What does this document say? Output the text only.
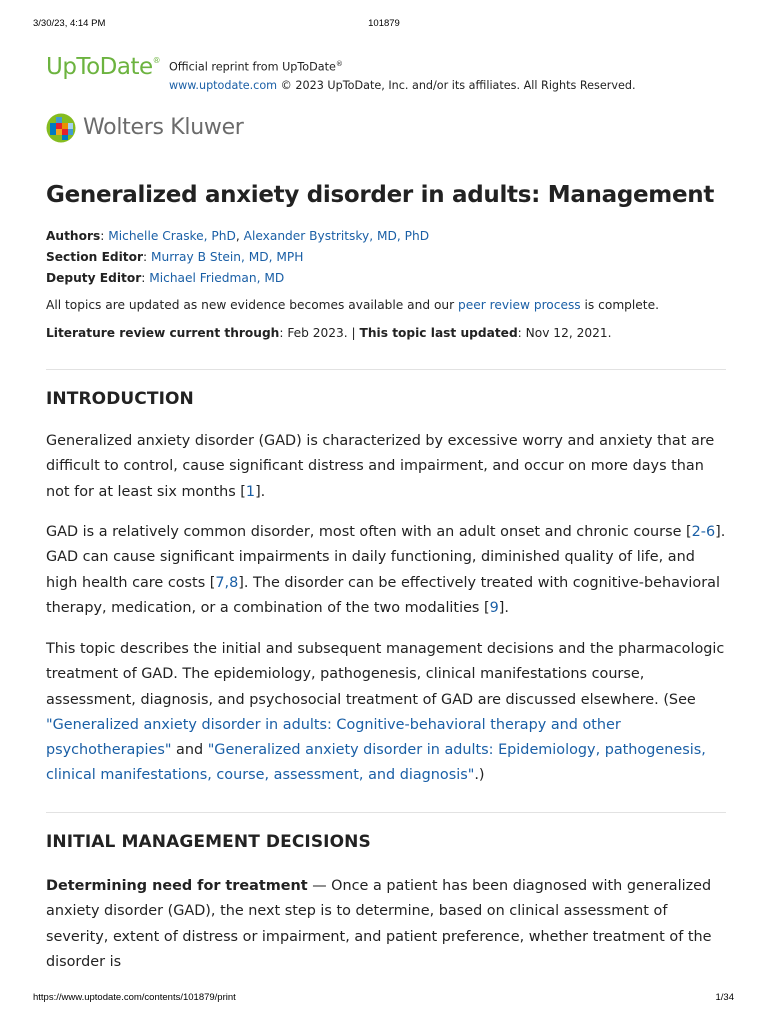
3/30/23, 4:14 PM	101879
UpToDate®
Official reprint from UpToDate®
www.uptodate.com © 2023 UpToDate, Inc. and/or its affiliates. All Rights Reserved.
Wolters Kluwer
Generalized anxiety disorder in adults: Management
Authors: Michelle Craske, PhD, Alexander Bystritsky, MD, PhD
Section Editor: Murray B Stein, MD, MPH
Deputy Editor: Michael Friedman, MD
All topics are updated as new evidence becomes available and our peer review process is complete.
Literature review current through: Feb 2023. | This topic last updated: Nov 12, 2021.
INTRODUCTION

Generalized anxiety disorder (GAD) is characterized by excessive worry and anxiety that are difficult to control, cause significant distress and impairment, and occur on more days than not for at least six months [1].

GAD is a relatively common disorder, most often with an adult onset and chronic course [2-6]. GAD can cause significant impairments in daily functioning, diminished quality of life, and high health care costs [7,8]. The disorder can be effectively treated with cognitive-behavioral therapy, medication, or a combination of the two modalities [9].

This topic describes the initial and subsequent management decisions and the pharmacologic treatment of GAD. The epidemiology, pathogenesis, clinical manifestations course, assessment, diagnosis, and psychosocial treatment of GAD are discussed elsewhere. (See "Generalized anxiety disorder in adults: Cognitive-behavioral therapy and other psychotherapies" and "Generalized anxiety disorder in adults: Epidemiology, pathogenesis, clinical manifestations, course, assessment, and diagnosis".)

INITIAL MANAGEMENT DECISIONS

Determining need for treatment — Once a patient has been diagnosed with generalized anxiety disorder (GAD), the next step is to determine, based on clinical assessment of severity, extent of distress or impairment, and patient preference, whether treatment of the disorder is

https://www.uptodate.com/contents/101879/print	1/34
